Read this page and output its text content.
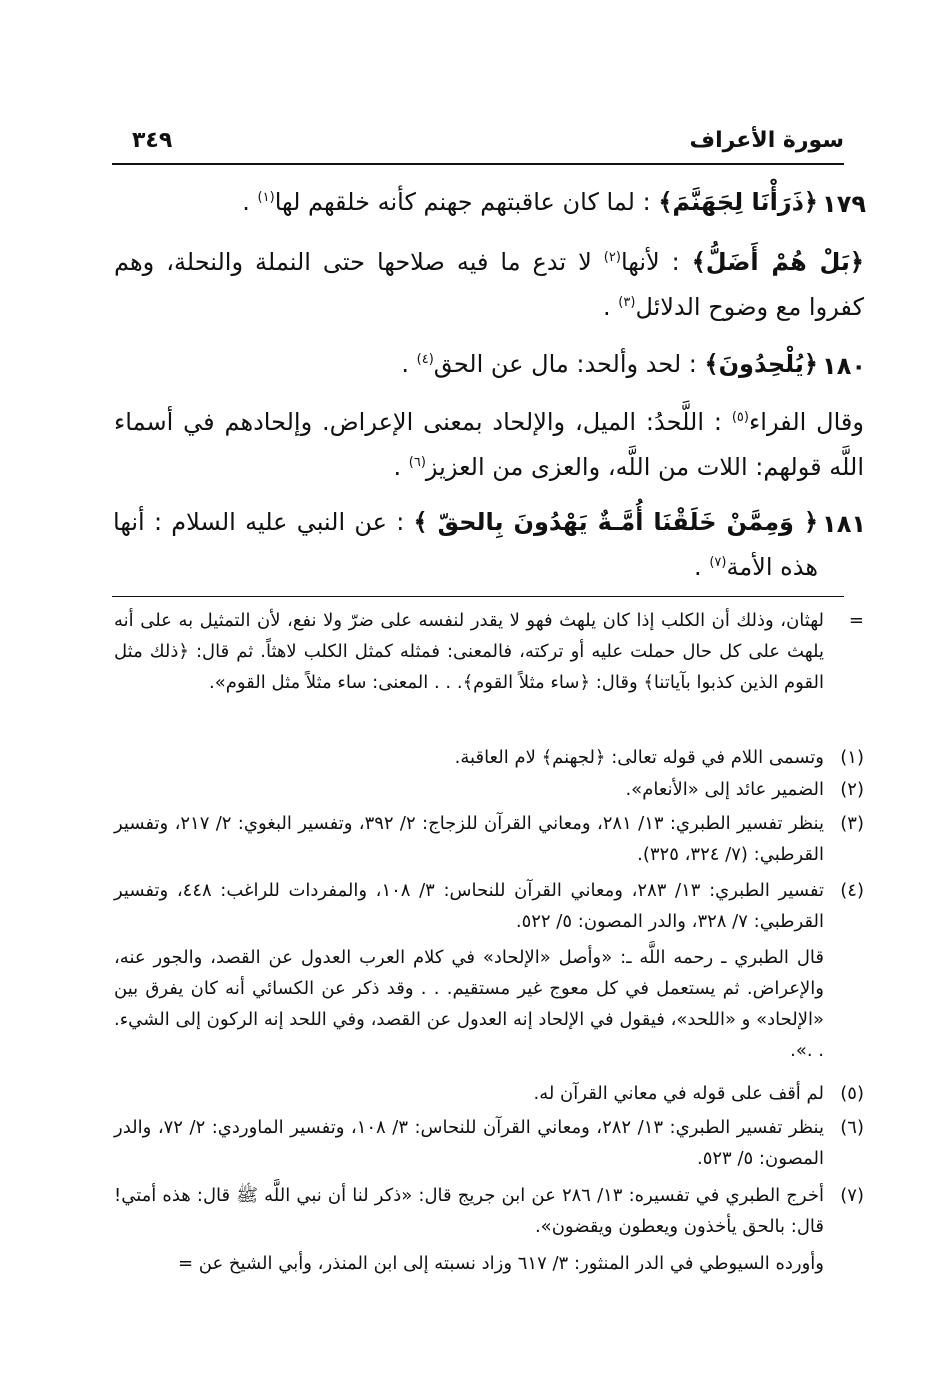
سورة الأعراف
٣٤٩
١٧٩
﴿ذَرَأْنَا لِجَهَنَّمَ﴾ : لما كان عاقبتهم جهنم كأنه خلقهم لها$^{(١)}$ .
﴿بَلْ هُمْ أَضَلُّ﴾ : لأنها$^{(٢)}$ لا تدع ما فيه صلاحها حتى النملة والنحلة، وهم كفروا مع وضوح الدلائل$^{(٣)}$ .
١٨٠
﴿يُلْحِدُونَ﴾ : لحد وألحد: مال عن الحق$^{(٤)}$ .
وقال الفراء$^{(٥)}$ : اللَّحدُ: الميل، والإلحاد بمعنى الإعراض. وإلحادهم في أسماء اللَّه قولهم: اللات من اللَّه، والعزى من العزيز$^{(٦)}$ .
١٨١
﴿ وَمِمَّنْ خَلَقْنَا أُمَّـةٌ يَهْدُونَ بِالحقّ ﴾ : عن النبي عليه السلام : أنها هذه الأمة$^{(٧)}$ .
=
لهثان، وذلك أن الكلب إذا كان يلهث فهو لا يقدر لنفسه على ضرّ ولا نفع، لأن التمثيل به على أنه يلهث على كل حال حملت عليه أو تركته، فالمعنى: فمثله كمثل الكلب لاهثاً. ثم قال: ﴿ذلك مثل القوم الذين كذبوا بآياتنا﴾ وقال: ﴿ساء مثلاً القوم﴾. . . المعنى: ساء مثلاً مثل القوم».
(١)
وتسمى اللام في قوله تعالى: ﴿لجهنم﴾ لام العاقبة.
(٢)
الضمير عائد إلى «الأنعام».
(٣)
ينظر تفسير الطبري: ١٣/ ٢٨١، ومعاني القرآن للزجاج: ٢/ ٣٩٢، وتفسير البغوي: ٢/ ٢١٧، وتفسير القرطبي: (٧/ ٣٢٤، ٣٢٥).
(٤)
تفسير الطبري: ١٣/ ٢٨٣، ومعاني القرآن للنحاس: ٣/ ١٠٨، والمفردات للراغب: ٤٤٨، وتفسير القرطبي: ٧/ ٣٢٨، والدر المصون: ٥/ ٥٢٢.
قال الطبري ـ رحمه اللَّه ـ: «وأصل «الإلحاد» في كلام العرب العدول عن القصد، والجور عنه، والإعراض. ثم يستعمل في كل معوج غير مستقيم. . . وقد ذكر عن الكسائي أنه كان يفرق بين «الإلحاد» و «اللحد»، فيقول في الإلحاد إنه العدول عن القصد، وفي اللحد إنه الركون إلى الشيء. . .».
(٥)
لم أقف على قوله في معاني القرآن له.
(٦)
ينظر تفسير الطبري: ١٣/ ٢٨٢، ومعاني القرآن للنحاس: ٣/ ١٠٨، وتفسير الماوردي: ٢/ ٧٢، والدر المصون: ٥/ ٥٢٣.
(٧)
أخرج الطبري في تفسيره: ١٣/ ٢٨٦ عن ابن جريج قال: «ذكر لنا أن نبي اللَّه ﷺ قال: هذه أمتي! قال: بالحق يأخذون ويعطون ويقضون».
وأورده السيوطي في الدر المنثور: ٣/ ٦١٧ وزاد نسبته إلى ابن المنذر، وأبي الشيخ عن =
